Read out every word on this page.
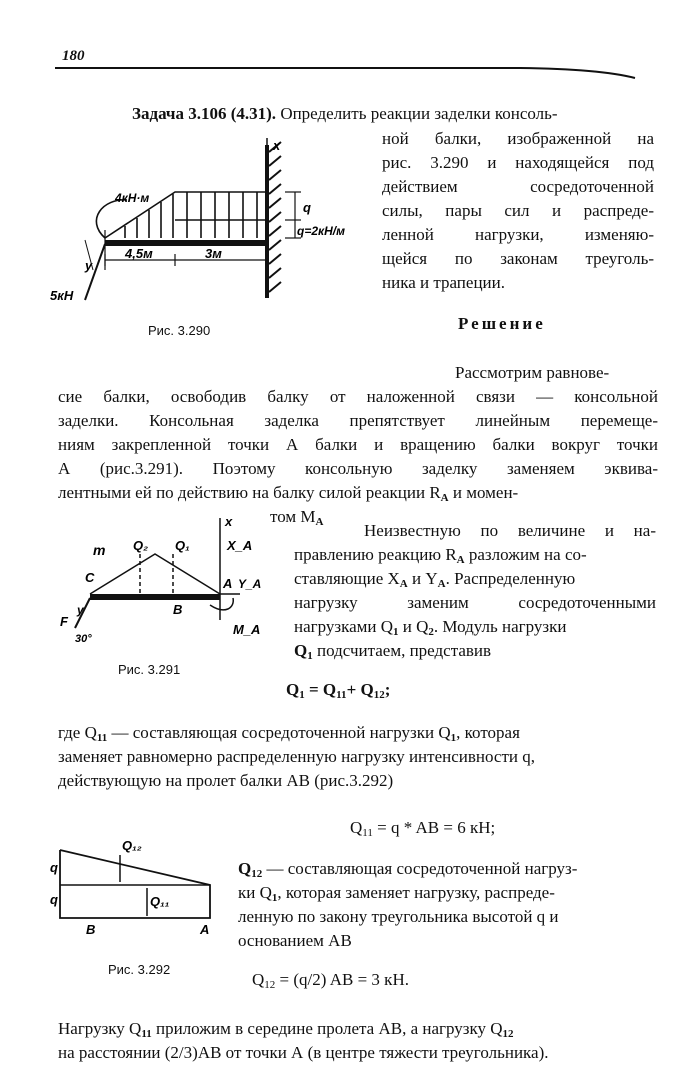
180
Задача 3.106 (4.31). Определить реакции заделки консоль-
ной балки, изображенной на
рис. 3.290 и находящейся под
действием сосредоточенной
силы, пары сил и распреде-
ленной нагрузки, изменяю-
щейся по законам треуголь-
ника и трапеции.
x
q
q=2кН/м
4кН·м
y
4,5м	3м
5кН
Рис. 3.290	Решение
Рассмотрим равнове-
сие балки, освободив балку от наложенной связи — консольной
заделки. Консольная заделка препятствует линейным перемеще-
ниям закрепленной точки А балки и вращению балки вокруг точки
А (рис.3.291). Поэтому консольную заделку заменяем эквива-
лентными ей по действию на балку силой реакции $R_A$ и момен-
том $M_A$
x
m Q₂ Q₁	X_A
C	A Y_A
B
y
F
30°
M_A
Рис. 3.291
Неизвестную по величине и на-
правлению реакцию $R_A$ разложим на со-
ставляющие $X_A$ и $Y_A$. Распределенную
нагрузку заменим сосредоточенными
нагрузками $Q_1$ и $Q_2$. Модуль нагрузки
$Q_1$ подсчитаем, представив
$Q_1 = Q_{11}+ Q_{12}$;
где $Q_{11}$ — составляющая сосредоточенной нагрузки $Q_1$, которая
заменяет равномерно распределенную нагрузку интенсивности q,
действующую на пролет балки АВ (рис.3.292)
$Q_{11} = q$ * AB = 6 кН;
q
q
Q₁₂
Q₁₁
B	A
Рис. 3.292
$Q_{12}$ — составляющая сосредоточенной нагруз-
ки $Q_1$, которая заменяет нагрузку, распреде-
ленную по закону треугольника высотой q и
основанием АВ
$Q_{12} = (q/2)$ AB = 3 кН.
Нагрузку $Q_{11}$ приложим в середине пролета АВ, а нагрузку $Q_{12}$
на расстоянии (2/3)АВ от точки А (в центре тяжести треугольника).
